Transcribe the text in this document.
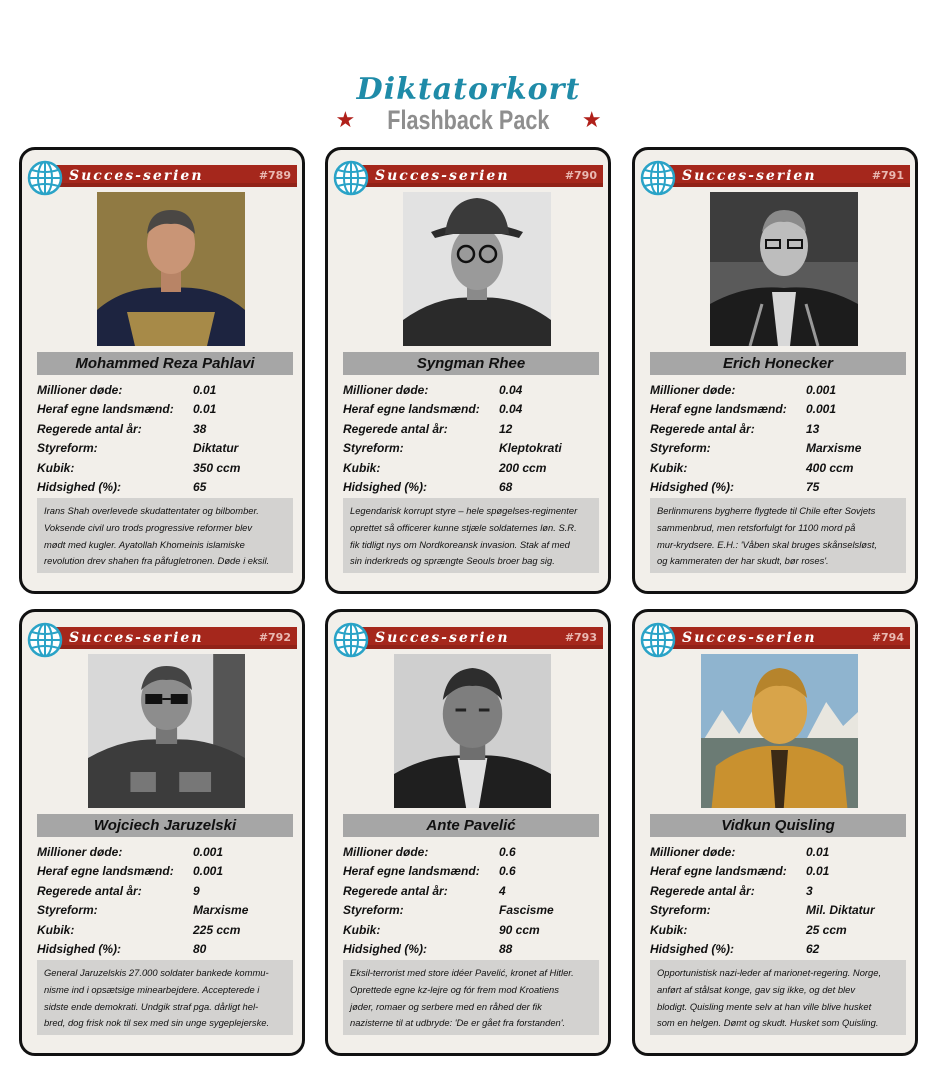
Diktatorkort
★ Flashback Pack ★
Succes-serien	#789
Mohammed Reza Pahlavi
Millioner døde:	0.01
Heraf egne landsmænd: 0.01
Regerede antal år:	38
Styreform:	Diktatur
Kubik:	350 ccm
Hidsighed (%):	65
Irans Shah overlevede skudattentater og bilbomber.
Voksende civil uro trods progressive reformer blev
mødt med kugler. Ayatollah Khomeinis islamiske
revolution drev shahen fra påfugletronen. Døde i eksil.
Succes-serien	#790
Syngman Rhee
Millioner døde:	0.04
Heraf egne landsmænd: 0.04
Regerede antal år:	12
Styreform:	Kleptokrati
Kubik:	200 ccm
Hidsighed (%):	68
Legendarisk korrupt styre – hele spøgelses-regimenter
oprettet så officerer kunne stjæle soldaternes løn. S.R.
fik tidligt nys om Nordkoreansk invasion. Stak af med
sin inderkreds og sprængte Seouls broer bag sig.
Succes-serien	#791
Erich Honecker
Millioner døde:	0.001
Heraf egne landsmænd: 0.001
Regerede antal år:	13
Styreform:	Marxisme
Kubik:	400 ccm
Hidsighed (%):	75
Berlinmurens bygherre flygtede til Chile efter Sovjets
sammenbrud, men retsforfulgt for 1100 mord på
mur-krydsere. E.H.: 'Våben skal bruges skånselsløst,
og kammeraten der har skudt, bør roses'.
Succes-serien	#792
Wojciech Jaruzelski
Millioner døde:	0.001
Heraf egne landsmænd: 0.001
Regerede antal år:	9
Styreform:	Marxisme
Kubik:	225 ccm
Hidsighed (%):	80
General Jaruzelskis 27.000 soldater bankede kommu-
nisme ind i opsætsige minearbejdere. Accepterede i
sidste ende demokrati. Undgik straf pga. dårligt hel-
bred, dog frisk nok til sex med sin unge sygeplejerske.
Succes-serien	#793
Ante Pavelić
Millioner døde:	0.6
Heraf egne landsmænd: 0.6
Regerede antal år:	4
Styreform:	Fascisme
Kubik:	90 ccm
Hidsighed (%):	88
Eksil-terrorist med store idéer Pavelić, kronet af Hitler.
Oprettede egne kz-lejre og fór frem mod Kroatiens
jøder, romaer og serbere med en råhed der fik
nazisterne til at udbryde: 'De er gået fra forstanden'.
Succes-serien	#794
Vidkun Quisling
Millioner døde:	0.01
Heraf egne landsmænd: 0.01
Regerede antal år:	3
Styreform:	Mil. Diktatur
Kubik:	25 ccm
Hidsighed (%):	62
Opportunistisk nazi-leder af marionet-regering. Norge,
anført af stålsat konge, gav sig ikke, og det blev
blodigt. Quisling mente selv at han ville blive husket
som en helgen. Dømt og skudt. Husket som Quisling.
